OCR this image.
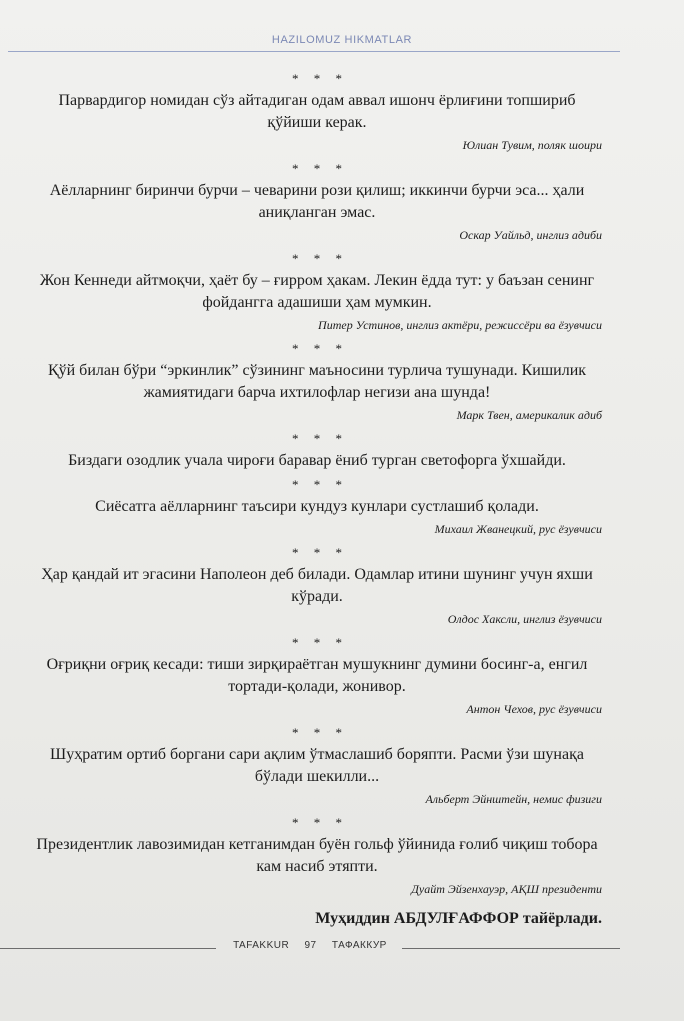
HAZILOMUZ HIKMATLAR
* * *

Парвардигор номидан сўз айтадиган одам аввал ишонч ёрлиғини топшириб қўйиши керак.

Юлиан Тувим, поляк шоири
* * *

Аёлларнинг биринчи бурчи – чеварини рози қилиш; иккинчи бурчи эса... ҳали аниқланган эмас.

Оскар Уайльд, инглиз адиби
* * *

Жон Кеннеди айтмоқчи, ҳаёт бу – ғирром ҳакам. Лекин ёдда тут: у баъзан сенинг фойдангга адашиши ҳам мумкин.

Питер Устинов, инглиз актёри, режиссёри ва ёзувчиси
* * *

Қўй билан бўри “эркинлик” сўзининг маъносини турлича тушунади. Кишилик жамиятидаги барча ихтилофлар негизи ана шунда!

Марк Твен, америкалик адиб
* * *

Биздаги озодлик учала чироғи баравар ёниб турган светофорга ўхшайди.

* * *

Сиёсатга аёлларнинг таъсири кундуз кунлари сустлашиб қолади.

Михаил Жванецкий, рус ёзувчиси
* * *

Ҳар қандай ит эгасини Наполеон деб билади. Одамлар итини шунинг учун яхши кўради.

Олдос Хаксли, инглиз ёзувчиси
* * *

Оғриқни оғриқ кесади: тиши зирқираётган мушукнинг думини босинг-а, енгил тортади-қолади, жонивор.

Антон Чехов, рус ёзувчиси
* * *

Шуҳратим ортиб боргани сари ақлим ўтмаслашиб боряпти. Расми ўзи шунақа бўлади шекилли...

Альберт Эйнштейн, немис физиги
* * *

Президентлик лавозимидан кетганимдан буён гольф ўйинида ғолиб чиқиш тобора кам насиб этяпти.

Дуайт Эйзенхауэр, АҚШ президенти
Муҳиддин АБДУЛҒАФФОР тайёрлади.
TAFAKKUR 97 ТАФАККУР
